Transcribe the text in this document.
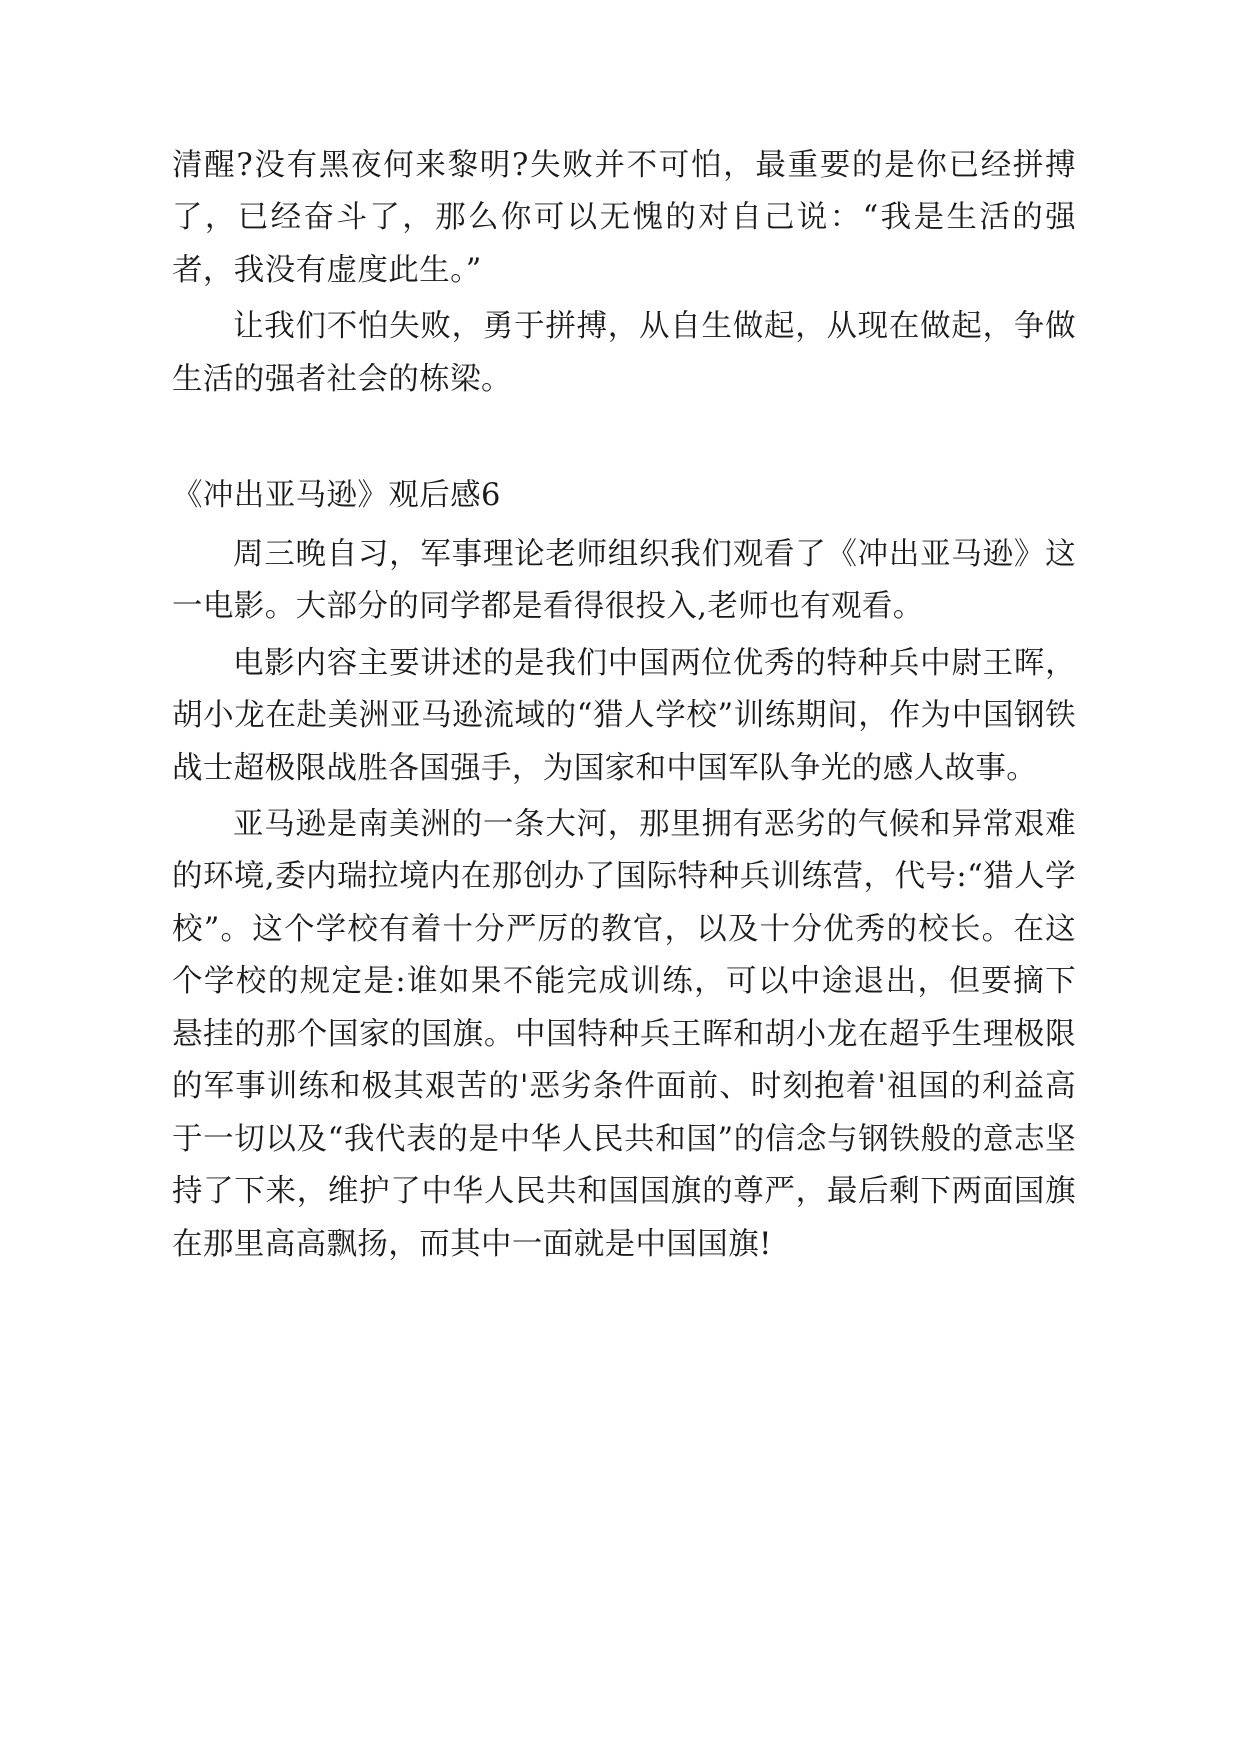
清醒?没有黑夜何来黎明?失败并不可怕，最重要的是你已经拼搏了，已经奋斗了，那么你可以无愧的对自己说：“我是生活的强者，我没有虚度此生。”

让我们不怕失败，勇于拼搏，从自生做起，从现在做起，争做生活的强者社会的栋梁。

《冲出亚马逊》观后感6

周三晚自习，军事理论老师组织我们观看了《冲出亚马逊》这一电影。大部分的同学都是看得很投入,老师也有观看。

电影内容主要讲述的是我们中国两位优秀的特种兵中尉王晖，胡小龙在赴美洲亚马逊流域的“猎人学校”训练期间，作为中国钢铁战士超极限战胜各国强手，为国家和中国军队争光的感人故事。

亚马逊是南美洲的一条大河，那里拥有恶劣的气候和异常艰难的环境,委内瑞拉境内在那创办了国际特种兵训练营，代号:“猎人学校”。这个学校有着十分严厉的教官，以及十分优秀的校长。在这个学校的规定是:谁如果不能完成训练，可以中途退出，但要摘下悬挂的那个国家的国旗。中国特种兵王晖和胡小龙在超乎生理极限的军事训练和极其艰苦的'恶劣条件面前、时刻抱着'祖国的利益高于一切以及“我代表的是中华人民共和国”的信念与钢铁般的意志坚持了下来，维护了中华人民共和国国旗的尊严，最后剩下两面国旗在那里高高飘扬，而其中一面就是中国国旗!
